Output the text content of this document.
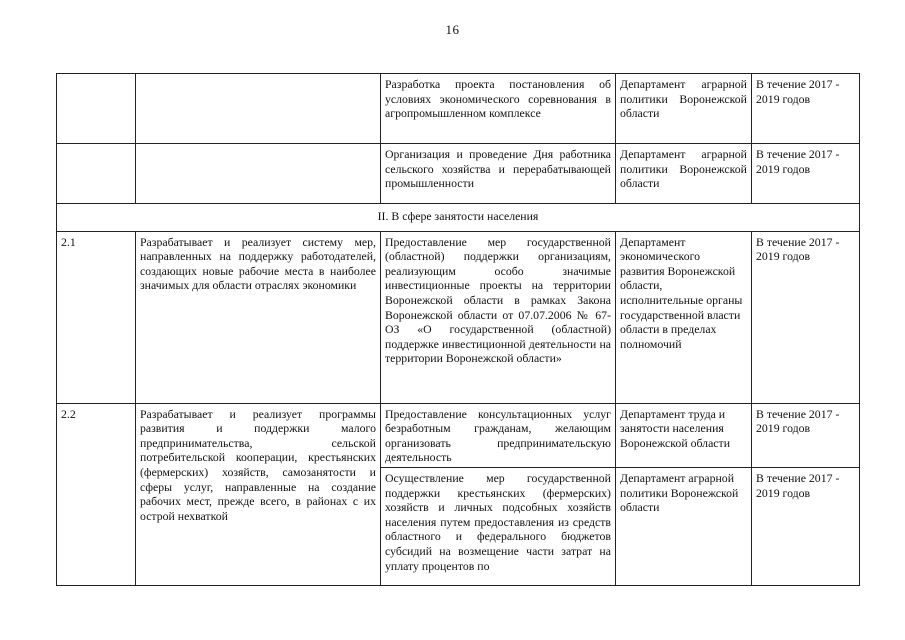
16
		Разработка проекта постановления об условиях экономического соревнования в агропромышленном комплексе	Департамент аграрной политики Воронежской области	В течение 2017 - 2019 годов
		Организация и проведение Дня работника сельского хозяйства и перерабатывающей промышленности	Департамент аграрной политики Воронежской области	В течение 2017 - 2019 годов
II. В сфере занятости населения				
2.1	Разрабатывает и реализует систему мер, направленных на поддержку работодателей, создающих новые рабочие места в наиболее значимых для области отраслях экономики	Предоставление мер государственной (областной) поддержки организациям, реализующим особо значимые инвестиционные проекты на территории Воронежской области в рамках Закона Воронежской области от 07.07.2006 № 67-ОЗ «О государственной (областной) поддержке инвестиционной деятельности на территории Воронежской области»	Департамент экономического развития Воронежской области, исполнительные органы государственной власти области в пределах полномочий	В течение 2017 - 2019 годов
2.2	Разрабатывает и реализует программы развития и поддержки малого предпринимательства, сельской потребительской кооперации, крестьянских (фермерских) хозяйств, самозанятости и сферы услуг, направленные на создание рабочих мест, прежде всего, в районах с их острой нехваткой	Предоставление консультационных услуг безработным гражданам, желающим организовать предпринимательскую деятельность	Департамент труда и занятости населения Воронежской области	В течение 2017 - 2019 годов
		Осуществление мер государственной поддержки крестьянских (фермерских) хозяйств и личных подсобных хозяйств населения путем предоставления из средств областного и федерального бюджетов субсидий на возмещение части затрат на уплату процентов по	Департамент аграрной политики Воронежской области	В течение 2017 - 2019 годов
